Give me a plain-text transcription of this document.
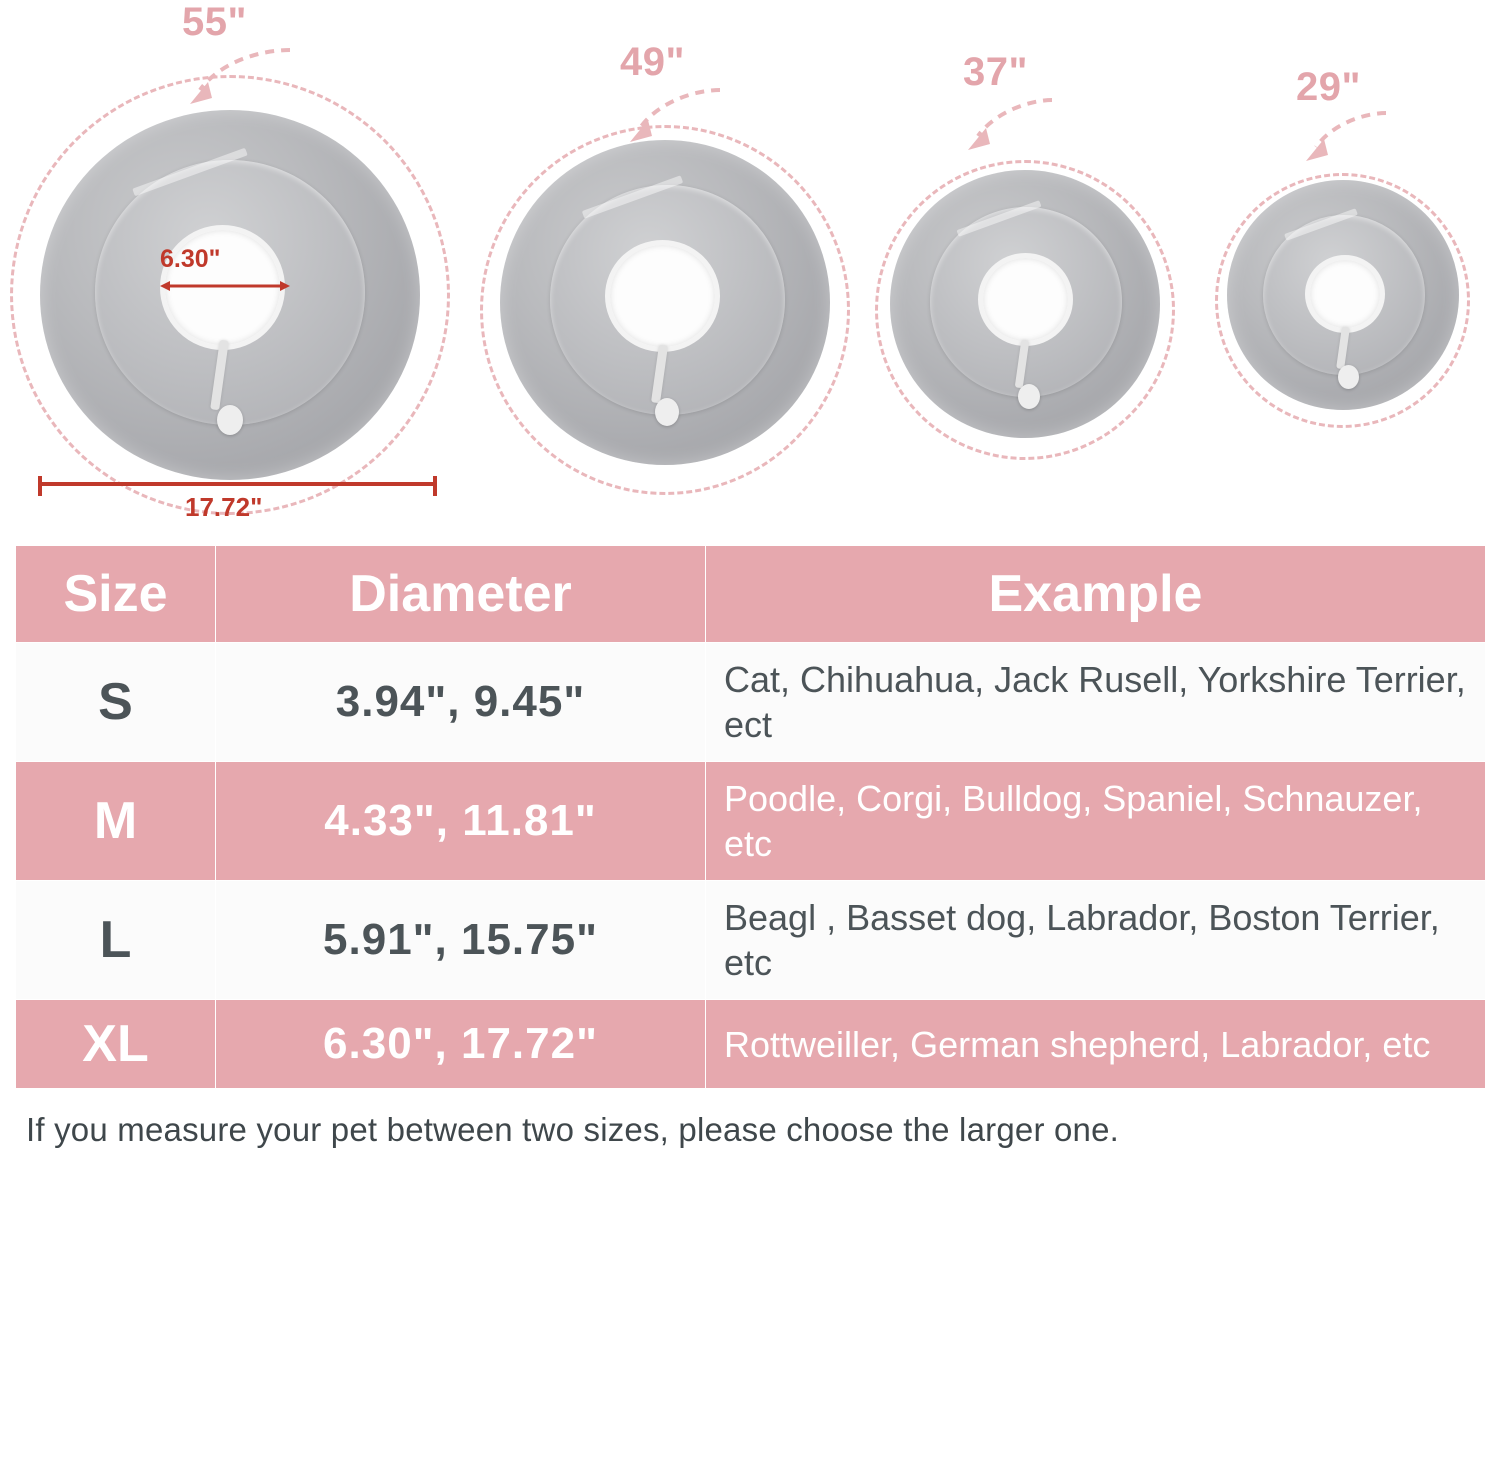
6.30"
55"
17.72"
49"	37"	29"
Size	Diameter	Example
S	3.94", 9.45"	Cat, Chihuahua, Jack Rusell, Yorkshire Terrier, ect
M	4.33", 11.81"	Poodle, Corgi, Bulldog, Spaniel, Schnauzer, etc
L	5.91", 15.75"	Beagl , Basset dog, Labrador, Boston Terrier, etc
XL	6.30", 17.72"	Rottweiller, German shepherd, Labrador, etc
If you measure your pet between two sizes, please choose the larger one.
